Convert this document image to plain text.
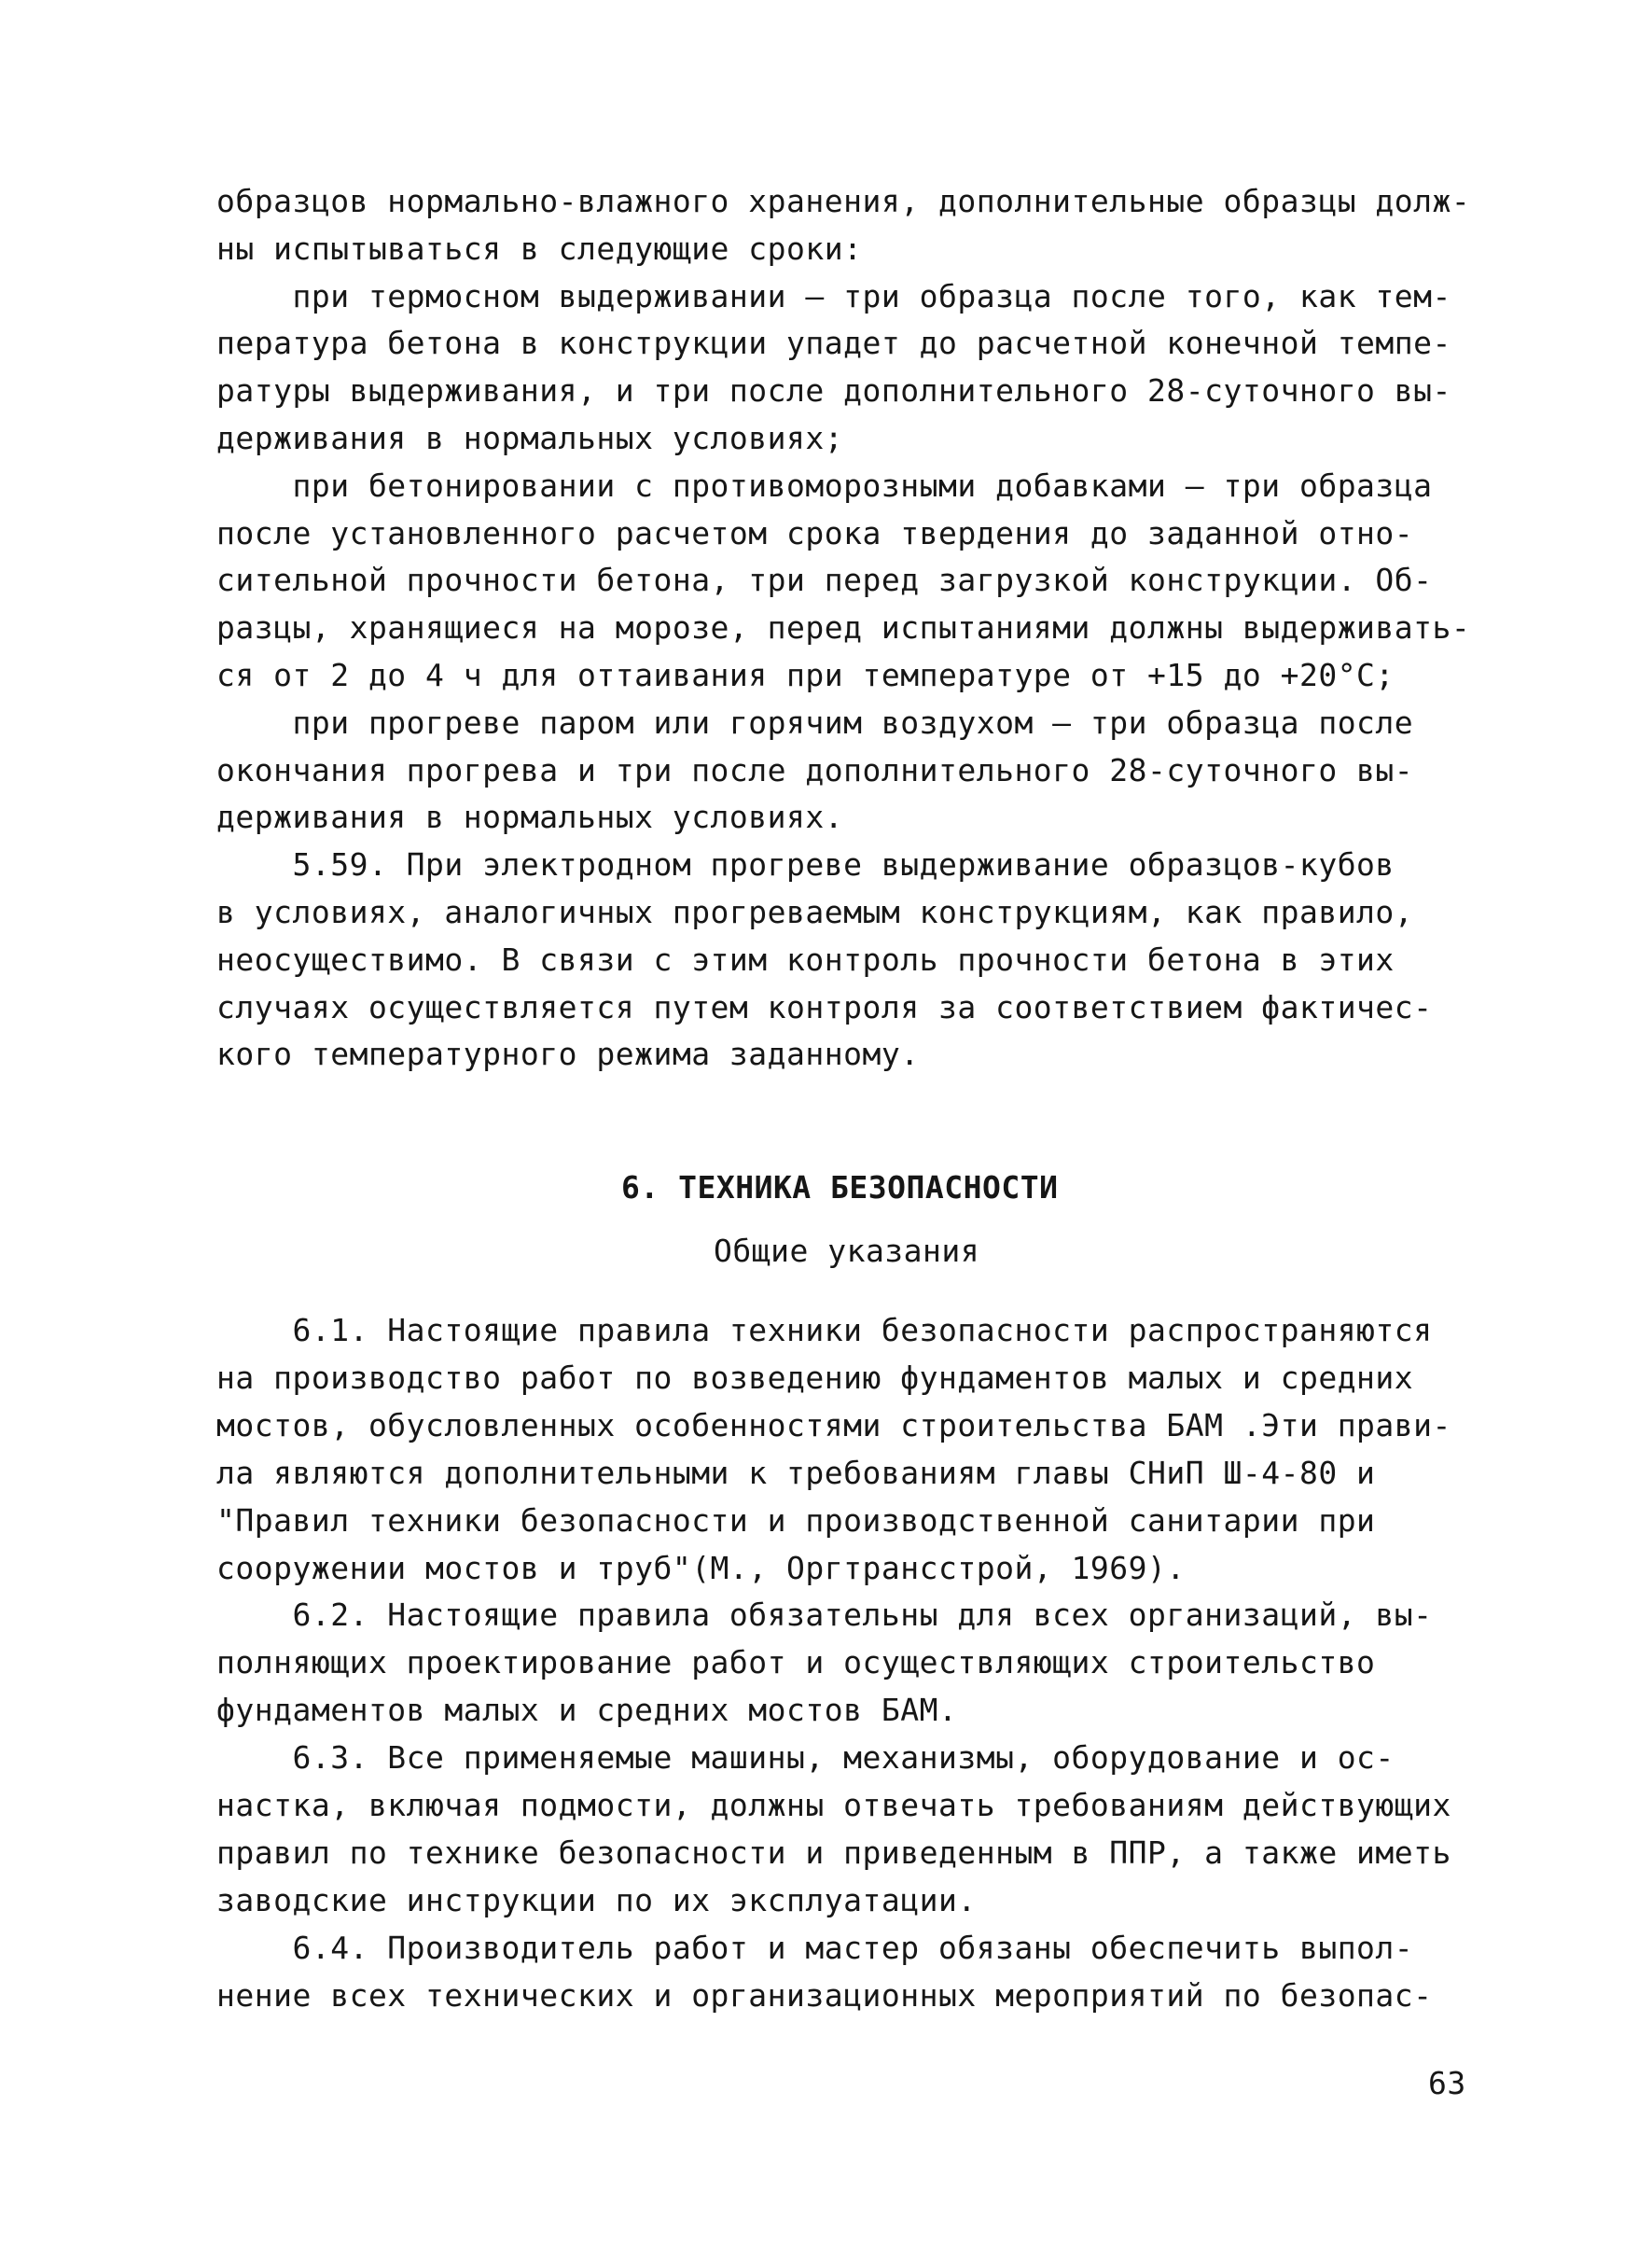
образцов нормально-влажного хранения, дополнительные образцы долж-
ны испытываться в следующие сроки:
при термосном выдерживании – три образца после того, как тем-
пература бетона в конструкции упадет до расчетной конечной темпе-
ратуры выдерживания, и три после дополнительного 28-суточного вы-
держивания в нормальных условиях;
при бетонировании с противоморозными добавками – три образца
после установленного расчетом срока твердения до заданной отно-
сительной прочности бетона, три перед загрузкой конструкции. Об-
разцы, хранящиеся на морозе, перед испытаниями должны выдерживать-
ся от 2 до 4 ч для оттаивания при температуре от +15 до +20°С;
при прогреве паром или горячим воздухом – три образца после
окончания прогрева и три после дополнительного 28-суточного вы-
держивания в нормальных условиях.
5.59. При электродном прогреве выдерживание образцов-кубов
в условиях, аналогичных прогреваемым конструкциям, как правило,
неосуществимо. В связи с этим контроль прочности бетона в этих
случаях осуществляется путем контроля за соответствием фактичес-
кого температурного режима заданному.
6. ТЕХНИКА БЕЗОПАСНОСТИ
Общие указания
6.1. Настоящие правила техники безопасности распространяются
на производство работ по возведению фундаментов малых и средних
мостов, обусловленных особенностями строительства БАМ .Эти прави-
ла являются дополнительными к требованиям главы СНиП Ш-4-80 и
"Правил техники безопасности и производственной санитарии при
сооружении мостов и труб"(М., Оргтрансстрой, 1969).
6.2. Настоящие правила обязательны для всех организаций, вы-
полняющих проектирование работ и осуществляющих строительство
фундаментов малых и средних мостов БАМ.
6.3. Все применяемые машины, механизмы, оборудование и ос-
настка, включая подмости, должны отвечать требованиям действующих
правил по технике безопасности и приведенным в ППР, а также иметь
заводские инструкции по их эксплуатации.
6.4. Производитель работ и мастер обязаны обеспечить выпол-
нение всех технических и организационных мероприятий по безопас-
63
